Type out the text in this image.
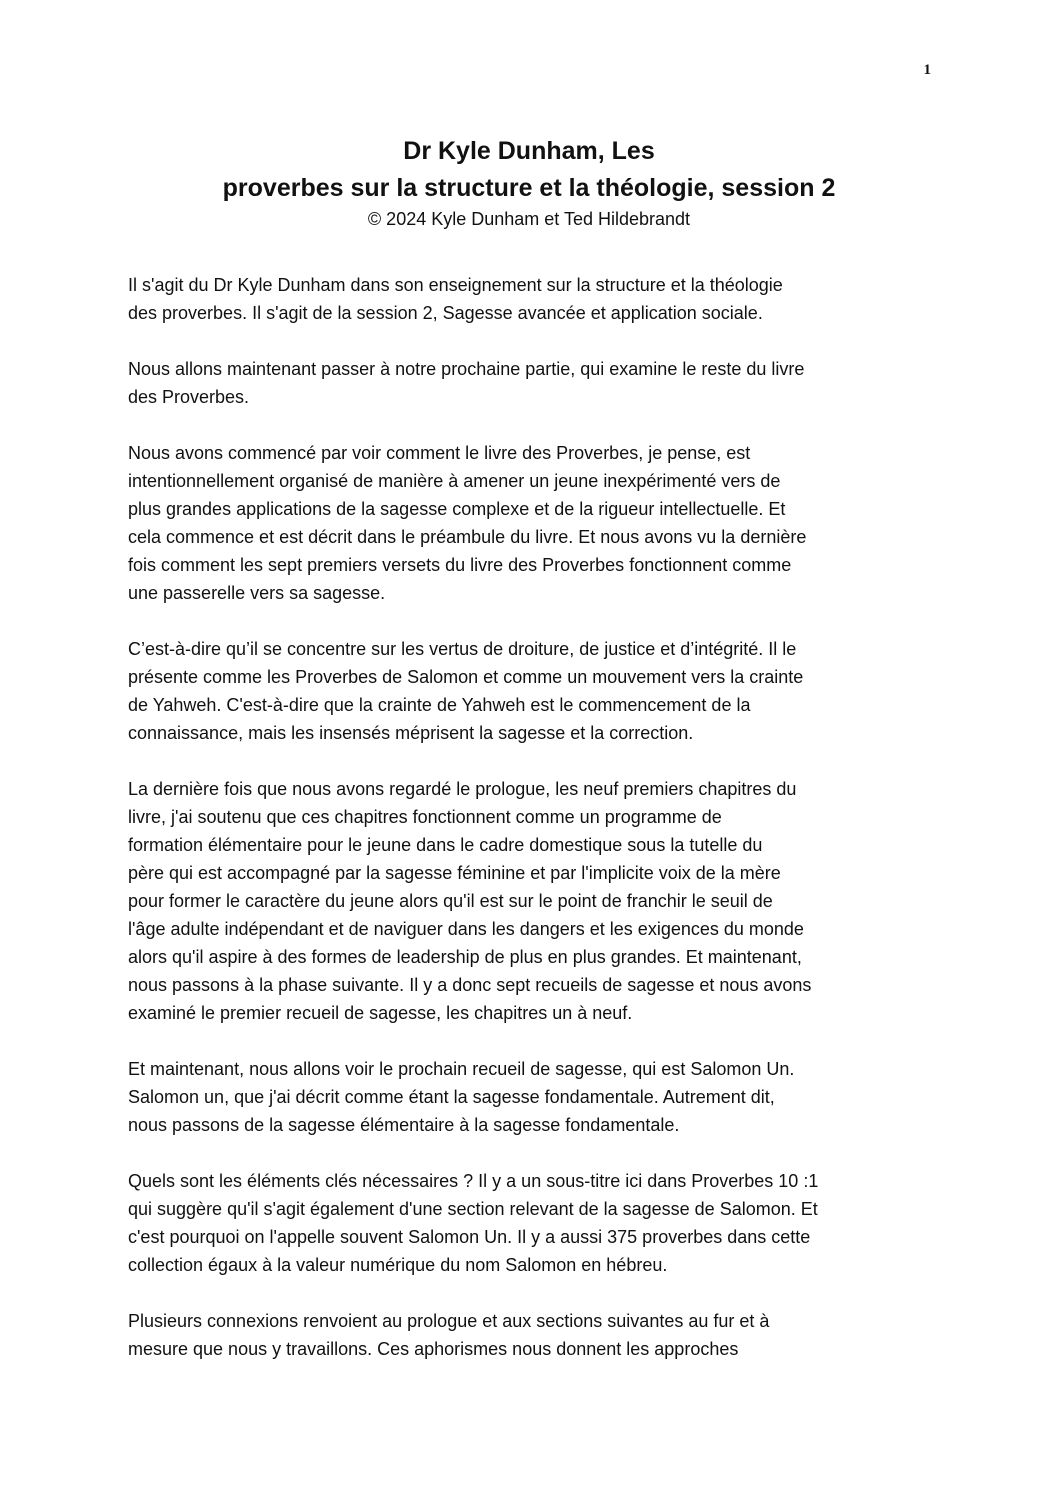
1

Dr Kyle Dunham, Les
proverbes sur la structure et la théologie, session 2

© 2024 Kyle Dunham et Ted Hildebrandt

Il s'agit du Dr Kyle Dunham dans son enseignement sur la structure et la théologie
des proverbes. Il s'agit de la session 2, Sagesse avancée et application sociale.

Nous allons maintenant passer à notre prochaine partie, qui examine le reste du livre
des Proverbes.

Nous avons commencé par voir comment le livre des Proverbes, je pense, est
intentionnellement organisé de manière à amener un jeune inexpérimenté vers de
plus grandes applications de la sagesse complexe et de la rigueur intellectuelle. Et
cela commence et est décrit dans le préambule du livre. Et nous avons vu la dernière
fois comment les sept premiers versets du livre des Proverbes fonctionnent comme
une passerelle vers sa sagesse.

C’est-à-dire qu’il se concentre sur les vertus de droiture, de justice et d’intégrité. Il le
présente comme les Proverbes de Salomon et comme un mouvement vers la crainte
de Yahweh. C'est-à-dire que la crainte de Yahweh est le commencement de la
connaissance, mais les insensés méprisent la sagesse et la correction.

La dernière fois que nous avons regardé le prologue, les neuf premiers chapitres du
livre, j'ai soutenu que ces chapitres fonctionnent comme un programme de
formation élémentaire pour le jeune dans le cadre domestique sous la tutelle du
père qui est accompagné par la sagesse féminine et par l'implicite voix de la mère
pour former le caractère du jeune alors qu'il est sur le point de franchir le seuil de
l'âge adulte indépendant et de naviguer dans les dangers et les exigences du monde
alors qu'il aspire à des formes de leadership de plus en plus grandes. Et maintenant,
nous passons à la phase suivante. Il y a donc sept recueils de sagesse et nous avons
examiné le premier recueil de sagesse, les chapitres un à neuf.

Et maintenant, nous allons voir le prochain recueil de sagesse, qui est Salomon Un.
Salomon un, que j'ai décrit comme étant la sagesse fondamentale. Autrement dit,
nous passons de la sagesse élémentaire à la sagesse fondamentale.

Quels sont les éléments clés nécessaires ? Il y a un sous-titre ici dans Proverbes 10 :1
qui suggère qu'il s'agit également d'une section relevant de la sagesse de Salomon. Et
c'est pourquoi on l'appelle souvent Salomon Un. Il y a aussi 375 proverbes dans cette
collection égaux à la valeur numérique du nom Salomon en hébreu.

Plusieurs connexions renvoient au prologue et aux sections suivantes au fur et à
mesure que nous y travaillons. Ces aphorismes nous donnent les approches
